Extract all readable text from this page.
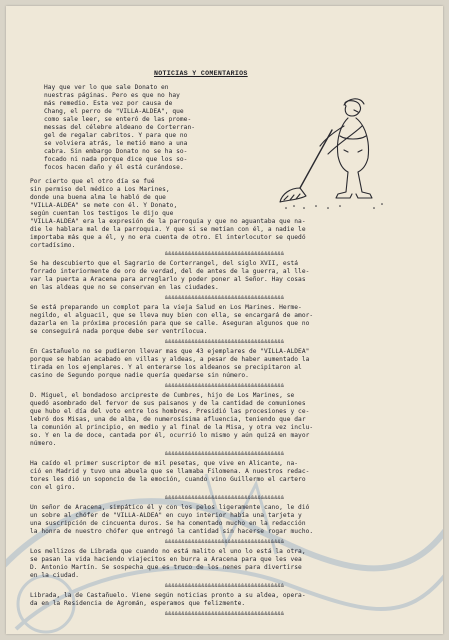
NOTICIAS Y COMENTARIOS
Hay que ver lo que sale Donato en
nuestras páginas. Pero es que no hay
más remedio. Esta vez por causa de
Chang, el perro de "VILLA-ALDEA", que
como sale leer, se enteró de las prome-
messas del célebre aldeano de Corterran-
gel de regalar cabritos. Y para que no
se volviera atrás, le metió mano a una
cabra. Sin embargo Donato no se ha so-
focado ni nada porque dice que los so-
focos hacen daño y él está curándose.
Por cierto que el otro día se fué
sin permiso del médico a Los Marines,
donde una buena alma le habló de que
"VILLA-ALDEA" se mete con él. Y Donato,
según cuentan los testigos le dijo que
"VILLA-ALDEA" era la expresión de la parroquia y que no aguantaba que na-
die le hablara mal de la parroquia. Y que si se metían con él, a nadie le
importaba más que a él, y no era cuenta de otro. El interlocutor se quedó
cortadísimo.
&&&&&&&&&&&&&&&&&&&&&&&&&&&&&&&&&&&&
Se ha descubierto que el Sagrario de Corterrangel, del siglo XVII, está
forrado interiormente de oro de verdad, del de antes de la guerra, al lle-
var la puerta a Aracena para arreglarlo y poder poner al Señor. Hay cosas
en las aldeas que no se conservan en las ciudades.
&&&&&&&&&&&&&&&&&&&&&&&&&&&&&&&&&&&&
Se está preparando un complot para la vieja Salud en Los Marines. Herme-
negildo, el alguacil, que se lleva muy bien con ella, se encargará de amor-
dazarla en la próxima procesión para que se calle. Aseguran algunos que no
se conseguirá nada porque debe ser ventrílocua.
&&&&&&&&&&&&&&&&&&&&&&&&&&&&&&&&&&&&
En Castañuelo no se pudieron llevar mas que 43 ejemplares de "VILLA-ALDEA"
porque se habían acabado en villas y aldeas, a pesar de haber aumentado la
tirada en los ejemplares. Y al enterarse los aldeanos se precipitaron al
casino de Segundo porque nadie quería quedarse sin número.
&&&&&&&&&&&&&&&&&&&&&&&&&&&&&&&&&&&&
D. Miguel, el bondadoso arcipreste de Cumbres, hijo de Los Marines, se
quedó asombrado del fervor de sus paisanos y de la cantidad de comuniones
que hubo el día del voto entre los hombres. Presidió las procesiones y ce-
lebró dos Misas, una de alba, de numerosísima afluencia, teniendo que dar
la comunión al principio, en medio y al final de la Misa, y otra vez inclu-
so. Y en la de doce, cantada por él, ocurrió lo mismo y aún quizá en mayor
número.
&&&&&&&&&&&&&&&&&&&&&&&&&&&&&&&&&&&&
Ha caído el primer suscriptor de mil pesetas, que vive en Alicante, na-
ció en Madrid y tuvo una abuela que se llamaba Filomena. A nuestros redac-
tores les dió un soponcio de la emoción, cuando vino Guillermo el cartero
con el giro.
&&&&&&&&&&&&&&&&&&&&&&&&&&&&&&&&&&&&
Un señor de Aracena, simpático él y con los pelos ligeramente cano, le dió
un sobre al chófer de "VILLA-ALDEA" en cuyo interior había una tarjeta y
una suscripción de cincuenta duros. Se ha comentado mucho en la redacción
la honra de nuestro chófer que entregó la cantidad sin hacerse rogar mucho.
&&&&&&&&&&&&&&&&&&&&&&&&&&&&&&&&&&&&
Los mellizos de Librada que cuando no está malito el uno lo está la otra,
se pasan la vida haciendo viajecitos en burra a Aracena para que les vea
D. Antonio Martín. Se sospecha que es truco de los nenes para divertirse
en la ciudad.
&&&&&&&&&&&&&&&&&&&&&&&&&&&&&&&&&&&&
Librada, la de Castañuelo. Viene según noticias pronto a su aldea, opera-
da en la Residencia de Agromán, esperamos que felizmente.
&&&&&&&&&&&&&&&&&&&&&&&&&&&&&&&&&&&&
